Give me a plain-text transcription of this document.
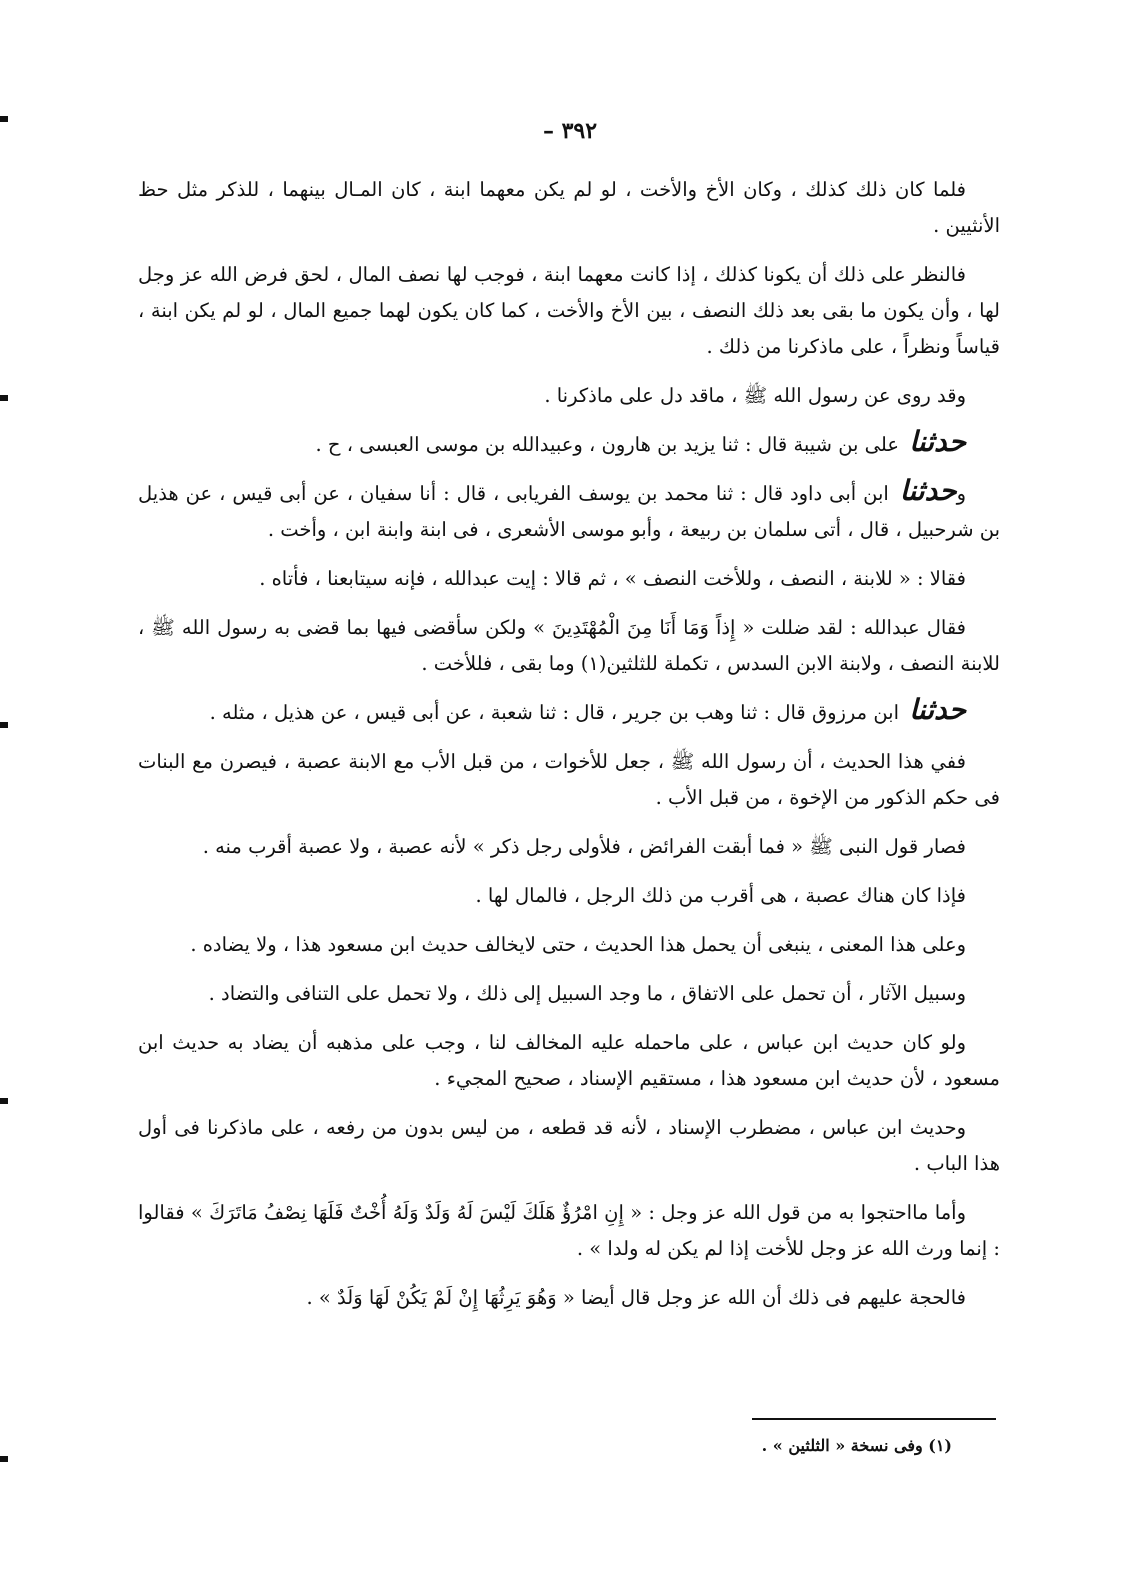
٣٩٢ –

فلما كان ذلك كذلك ، وكان الأخ والأخت ، لو لم يكن معهما ابنة ، كان المـال بينهما ، للذكر مثل حظ الأنثيين .

فالنظر على ذلك أن يكونا كذلك ، إذا كانت معهما ابنة ، فوجب لها نصف المال ، لحق فرض الله عز وجل لها ، وأن يكون ما بقى بعد ذلك النصف ، بين الأخ والأخت ، كما كان يكون لهما جميع المال ، لو لم يكن ابنة ، قياساً ونظراً ، على ماذكرنا من ذلك .

وقد روى عن رسول الله ﷺ ، ماقد دل على ماذكرنا .

حدثنا على بن شيبة قال : ثنا يزيد بن هارون ، وعبيدالله بن موسى العبسى ، ح .

وحدثنا ابن أبى داود قال : ثنا محمد بن يوسف الفريابى ، قال : أنا سفيان ، عن أبى قيس ، عن هذيل بن شرحبيل ، قال ، أتى سلمان بن ربيعة ، وأبو موسى الأشعرى ، فى ابنة وابنة ابن ، وأخت .

فقالا : « للابنة ، النصف ، وللأخت النصف » ، ثم قالا : إيت عبدالله ، فإنه سيتابعنا ، فأتاه .

فقال عبدالله : لقد ضللت « إِذاً وَمَا أَنَا مِنَ الْمُهْتَدِينَ » ولكن سأقضى فيها بما قضى به رسول الله ﷺ ، للابنة النصف ، ولابنة الابن السدس ، تكملة للثلثين(١) وما بقى ، فللأخت .

حدثنا ابن مرزوق قال : ثنا وهب بن جرير ، قال : ثنا شعبة ، عن أبى قيس ، عن هذيل ، مثله .

ففي هذا الحديث ، أن رسول الله ﷺ ، جعل للأخوات ، من قبل الأب مع الابنة عصبة ، فيصرن مع البنات فى حكم الذكور من الإخوة ، من قبل الأب .

فصار قول النبى ﷺ « فما أبقت الفرائض ، فلأولى رجل ذكر » لأنه عصبة ، ولا عصبة أقرب منه .

فإذا كان هناك عصبة ، هى أقرب من ذلك الرجل ، فالمال لها .

وعلى هذا المعنى ، ينبغى أن يحمل هذا الحديث ، حتى لايخالف حديث ابن مسعود هذا ، ولا يضاده .

وسبيل الآثار ، أن تحمل على الاتفاق ، ما وجد السبيل إلى ذلك ، ولا تحمل على التنافى والتضاد .

ولو كان حديث ابن عباس ، على ماحمله عليه المخالف لنا ، وجب على مذهبه أن يضاد به حديث ابن مسعود ، لأن حديث ابن مسعود هذا ، مستقيم الإسناد ، صحيح المجيء .

وحديث ابن عباس ، مضطرب الإسناد ، لأنه قد قطعه ، من ليس بدون من رفعه ، على ماذكرنا فى أول هذا الباب .

وأما مااحتجوا به من قول الله عز وجل : « إِنِ امْرُؤٌ هَلَكَ لَيْسَ لَهُ وَلَدٌ وَلَهُ أُخْتٌ فَلَهَا نِصْفُ مَاتَرَكَ » فقالوا : إنما ورث الله عز وجل للأخت إذا لم يكن له ولدا » .

فالحجة عليهم فى ذلك أن الله عز وجل قال أيضا « وَهُوَ يَرِثُهَا إِنْ لَمْ يَكُنْ لَهَا وَلَدٌ » .

(١) وفى نسخة « الثلثين » .
